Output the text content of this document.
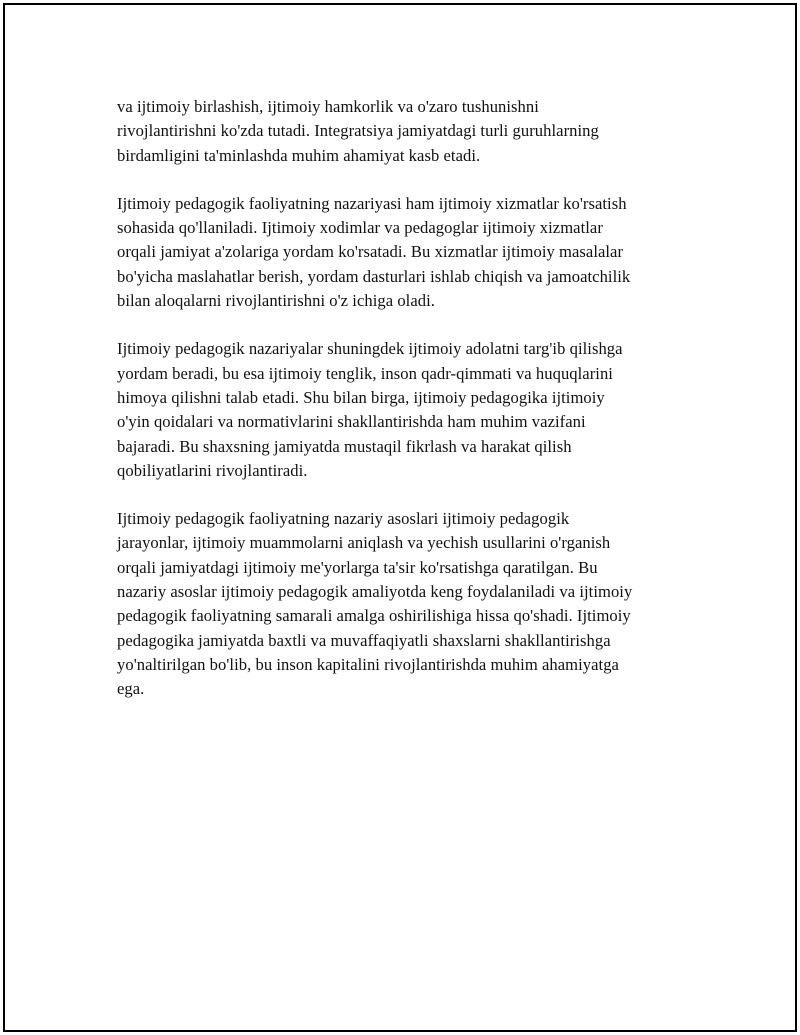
va ijtimoiy birlashish, ijtimoiy hamkorlik va o'zaro tushunishni
rivojlantirishni ko'zda tutadi. Integratsiya jamiyatdagi turli guruhlarning
birdamligini ta'minlashda muhim ahamiyat kasb etadi.

Ijtimoiy pedagogik faoliyatning nazariyasi ham ijtimoiy xizmatlar ko'rsatish
sohasida qo'llaniladi. Ijtimoiy xodimlar va pedagoglar ijtimoiy xizmatlar
orqali jamiyat a'zolariga yordam ko'rsatadi. Bu xizmatlar ijtimoiy masalalar
bo'yicha maslahatlar berish, yordam dasturlari ishlab chiqish va jamoatchilik
bilan aloqalarni rivojlantirishni o'z ichiga oladi.

Ijtimoiy pedagogik nazariyalar shuningdek ijtimoiy adolatni targ'ib qilishga
yordam beradi, bu esa ijtimoiy tenglik, inson qadr-qimmati va huquqlarini
himoya qilishni talab etadi. Shu bilan birga, ijtimoiy pedagogika ijtimoiy
o'yin qoidalari va normativlarini shakllantirishda ham muhim vazifani
bajaradi. Bu shaxsning jamiyatda mustaqil fikrlash va harakat qilish
qobiliyatlarini rivojlantiradi.

Ijtimoiy pedagogik faoliyatning nazariy asoslari ijtimoiy pedagogik
jarayonlar, ijtimoiy muammolarni aniqlash va yechish usullarini o'rganish
orqali jamiyatdagi ijtimoiy me'yorlarga ta'sir ko'rsatishga qaratilgan. Bu
nazariy asoslar ijtimoiy pedagogik amaliyotda keng foydalaniladi va ijtimoiy
pedagogik faoliyatning samarali amalga oshirilishiga hissa qo'shadi. Ijtimoiy
pedagogika jamiyatda baxtli va muvaffaqiyatli shaxslarni shakllantirishga
yo'naltirilgan bo'lib, bu inson kapitalini rivojlantirishda muhim ahamiyatga
ega.
